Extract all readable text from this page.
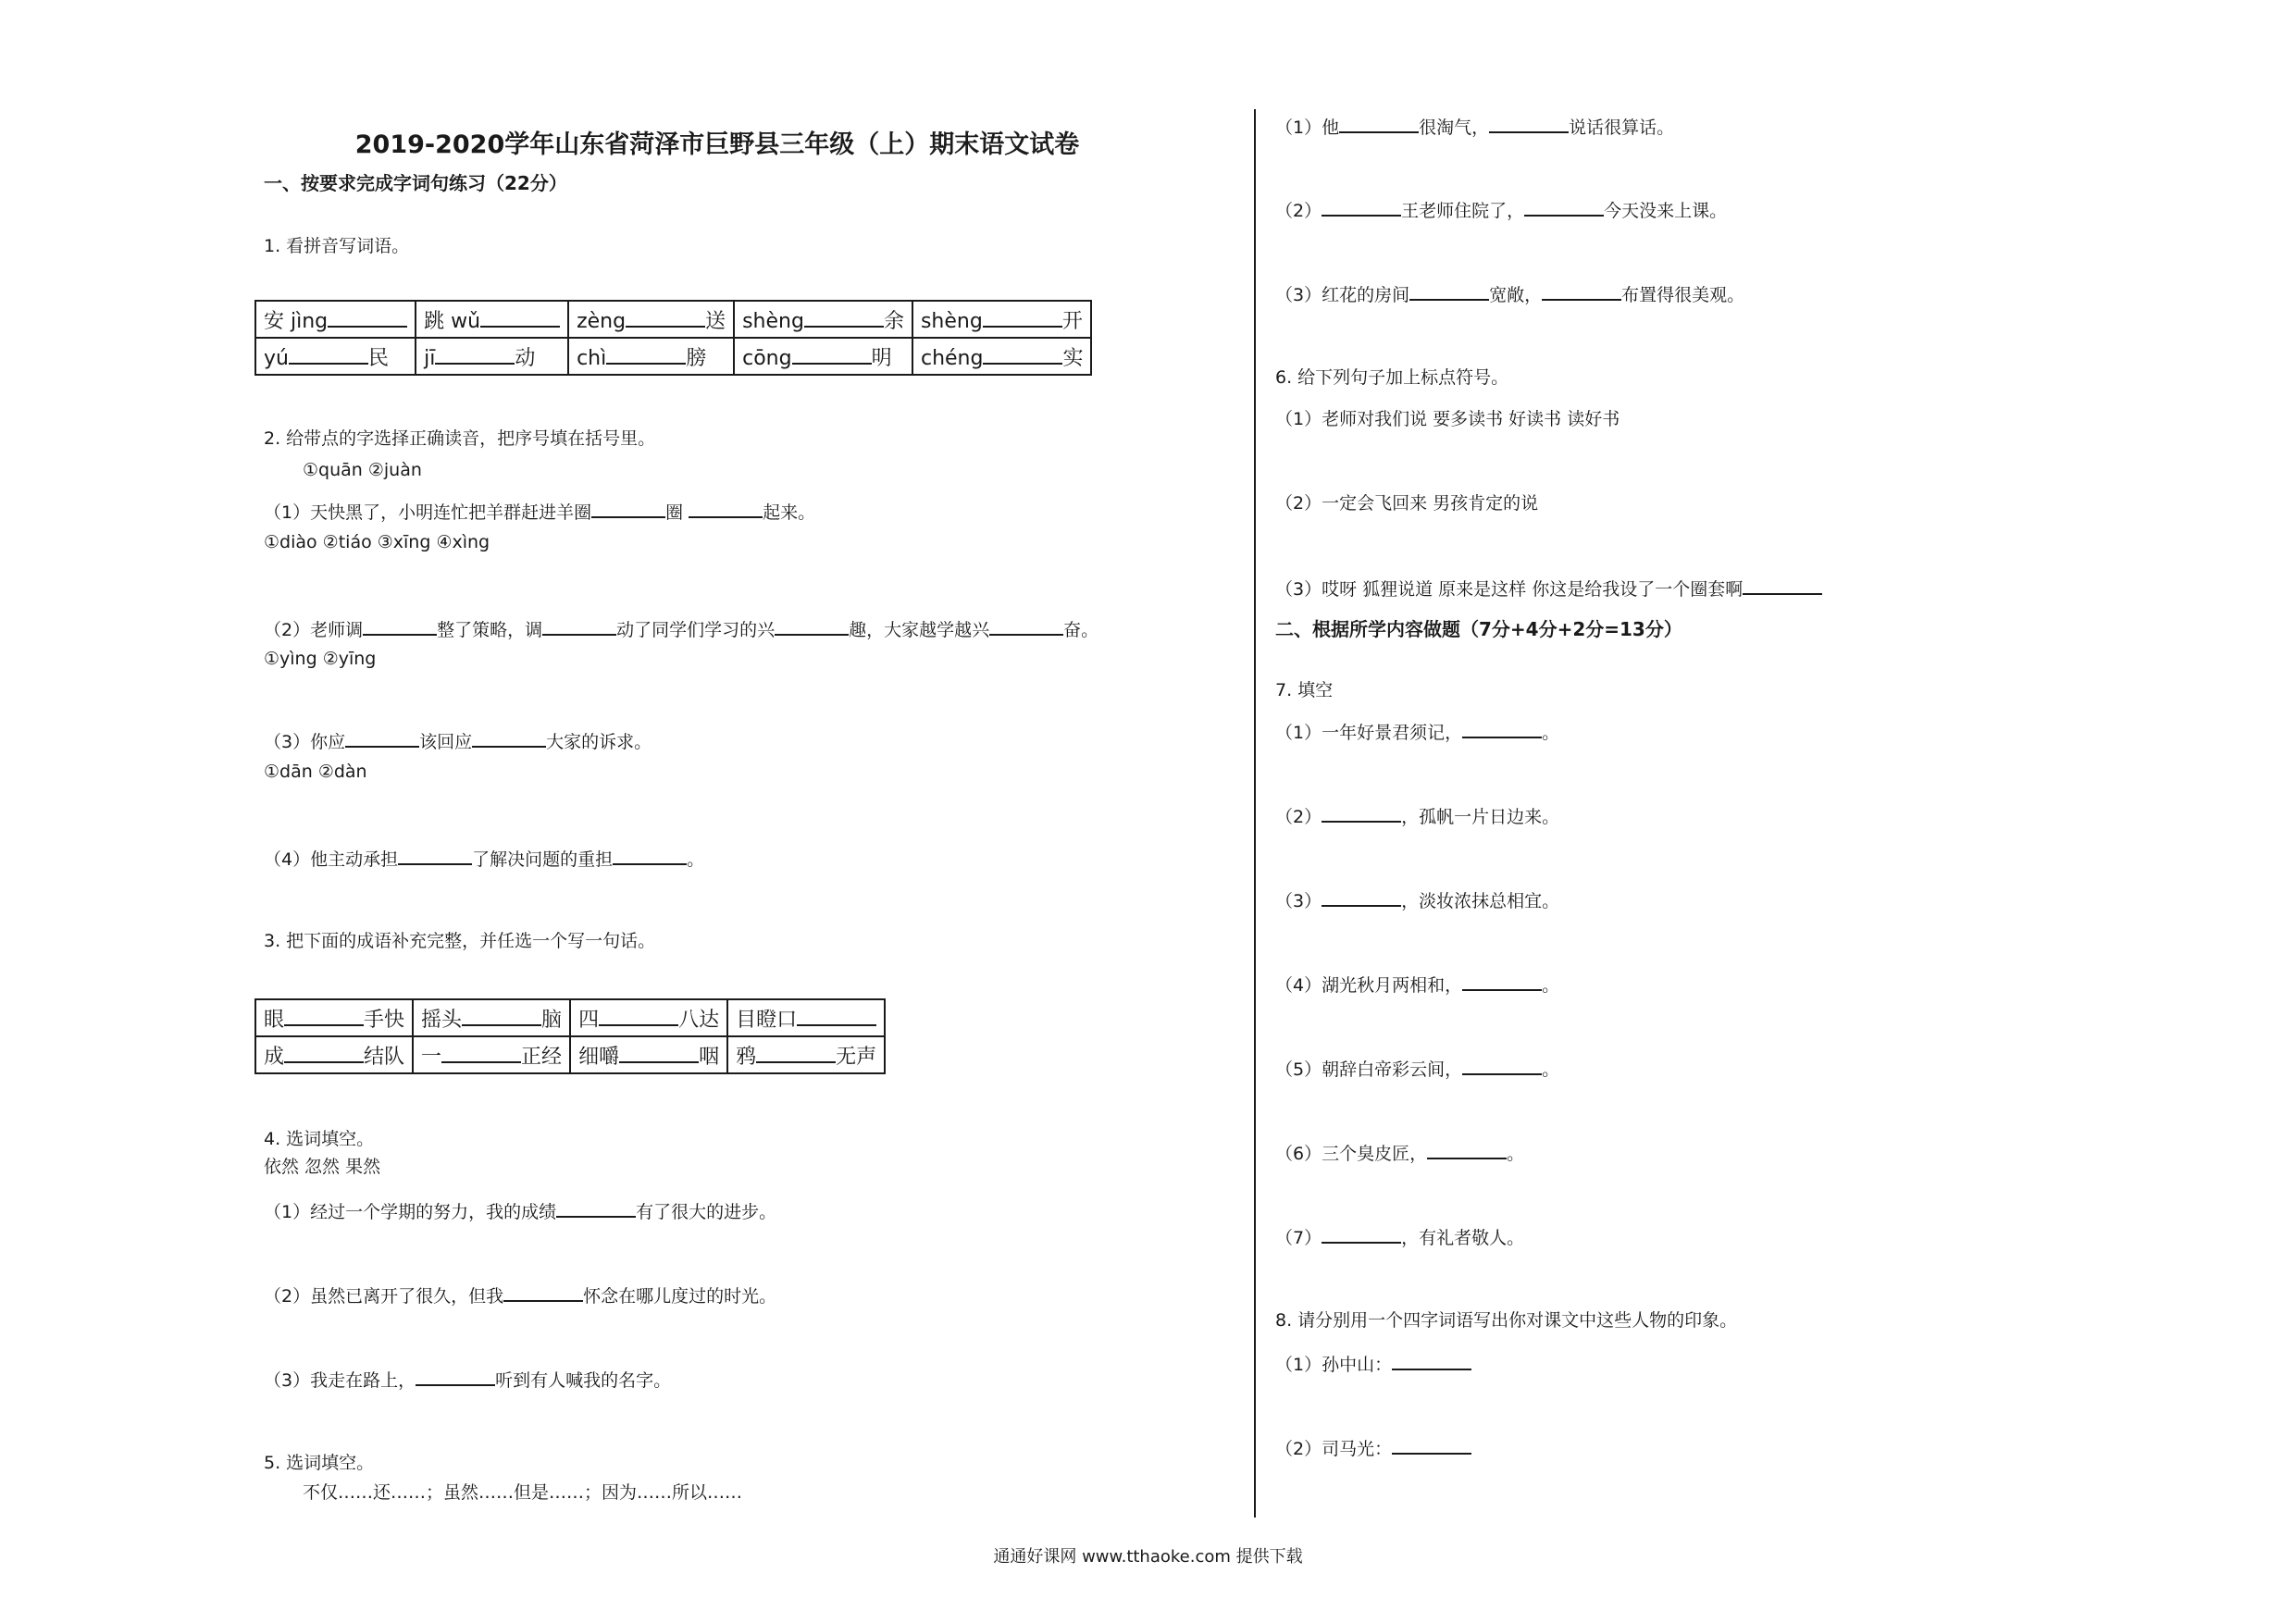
2019-2020学年山东省菏泽市巨野县三年级（上）期末语文试卷
一、按要求完成字词句练习（22分）
1. 看拼音写词语。
安 jìng	跳 wǔ	zèng 送	shèng 余	shèng 开
yú 民	jī 动	chì 膀	cōng 明	chéng 实
2. 给带点的字选择正确读音，把序号填在括号里。
①quān ②juàn
（1）天快黑了，小明连忙把羊群赶进羊圈	圈	起来。
①diào ②tiáo ③xīng ④xìng
（2）老师调	整了策略，调	动了同学们学习的兴	趣，大家越学越兴	奋。
①yìng ②yīng
（3）你应	该回应	大家的诉求。
①dān ②dàn
（4）他主动承担	了解决问题的重担	。
3. 把下面的成语补充完整，并任选一个写一句话。
眼 手快	摇头 脑	四 八达	目瞪口
成 结队	一 正经	细嚼 咽	鸦 无声
4. 选词填空。
依然 忽然 果然
（1）经过一个学期的努力，我的成绩	有了很大的进步。
（2）虽然已离开了很久，但我	怀念在哪儿度过的时光。
（3）我走在路上，	听到有人喊我的名字。
5. 选词填空。
不仅……还……；虽然……但是……；因为……所以……
（1）他	很淘气，	说话很算话。
（2）	王老师住院了，	今天没来上课。
（3）红花的房间	宽敞，	布置得很美观。
6. 给下列句子加上标点符号。
（1）老师对我们说 要多读书 好读书 读好书
（2）一定会飞回来 男孩肯定的说
（3）哎呀 狐狸说道 原来是这样 你这是给我设了一个圈套啊
二、根据所学内容做题（7分+4分+2分=13分）
7. 填空
（1）一年好景君须记，	。
（2）	，孤帆一片日边来。
（3）	，淡妆浓抹总相宜。
（4）湖光秋月两相和，	。
（5）朝辞白帝彩云间，	。
（6）三个臭皮匠，	。
（7）	，有礼者敬人。
8. 请分别用一个四字词语写出你对课文中这些人物的印象。
（1）孙中山：
（2）司马光：
通通好课网 www.tthaoke.com 提供下载
